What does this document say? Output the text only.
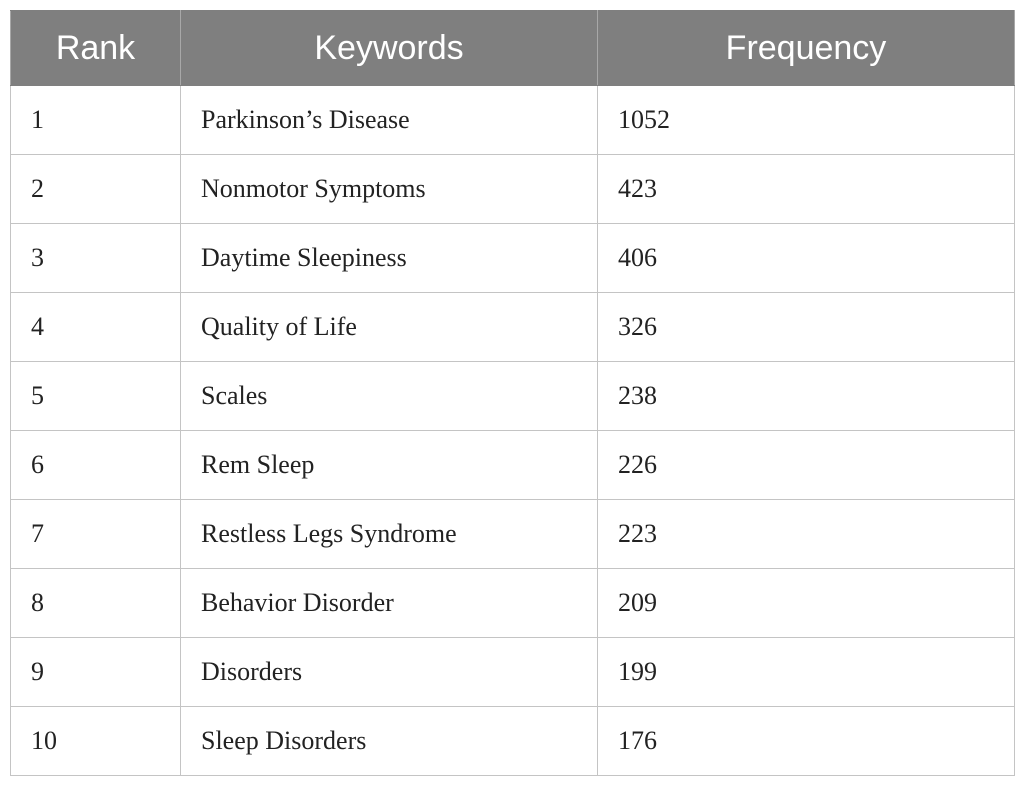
Rank	Keywords	Frequency
1	Parkinson’s Disease	1052
2	Nonmotor Symptoms	423
3	Daytime Sleepiness	406
4	Quality of Life	326
5	Scales	238
6	Rem Sleep	226
7	Restless Legs Syndrome	223
8	Behavior Disorder	209
9	Disorders	199
10	Sleep Disorders	176
